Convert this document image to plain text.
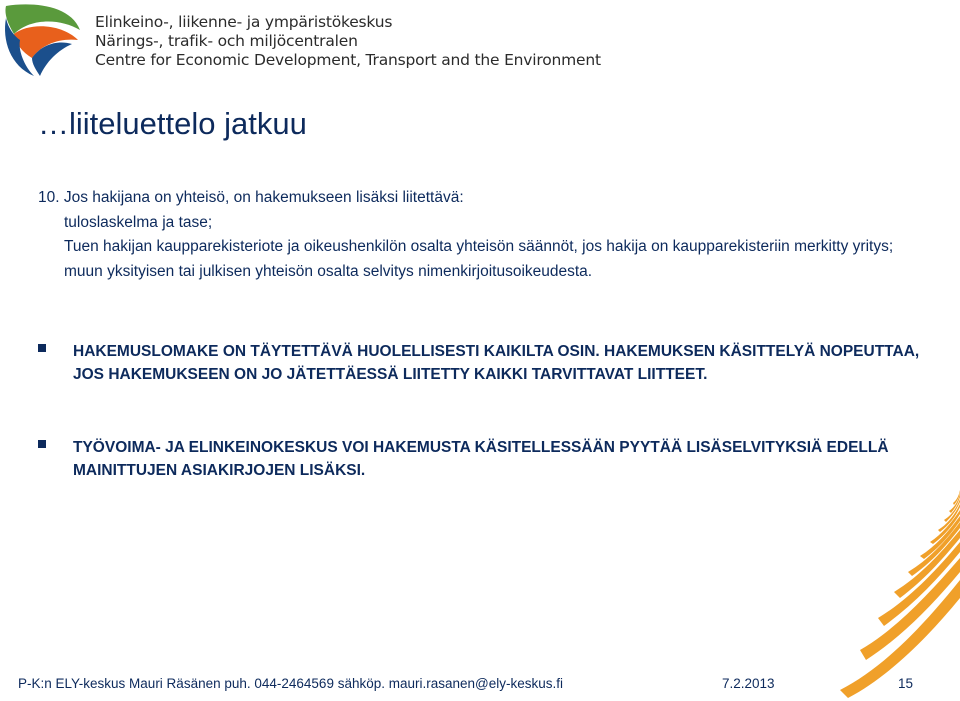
Elinkeino-, liikenne- ja ympäristökeskus
Närings-, trafik- och miljöcentralen
Centre for Economic Development, Transport and the Environment
…liiteluettelo jatkuu
10. Jos hakijana on yhteisö, on hakemukseen lisäksi liitettävä:
tuloslaskelma ja tase;
Tuen hakijan kaupparekisteriote ja oikeushenkilön osalta yhteisön säännöt, jos hakija on kaupparekisteriin merkitty yritys;
muun yksityisen tai julkisen yhteisön osalta selvitys nimenkirjoitusoikeudesta.
HAKEMUSLOMAKE ON TÄYTETTÄVÄ HUOLELLISESTI KAIKILTA OSIN. HAKEMUKSEN KÄSITTELYÄ NOPEUTTAA, JOS HAKEMUKSEEN ON JO JÄTETTÄESSÄ LIITETTY KAIKKI TARVITTAVAT LIITTEET.
TYÖVOIMA- JA ELINKEINOKESKUS VOI HAKEMUSTA KÄSITELLESSÄÄN PYYTÄÄ LISÄSELVITYKSIÄ EDELLÄ MAINITTUJEN ASIAKIRJOJEN LISÄKSI.
P-K:n ELY-keskus Mauri Räsänen puh. 044-2464569 sähköp. mauri.rasanen@ely-keskus.fi	7.2.2013	15
